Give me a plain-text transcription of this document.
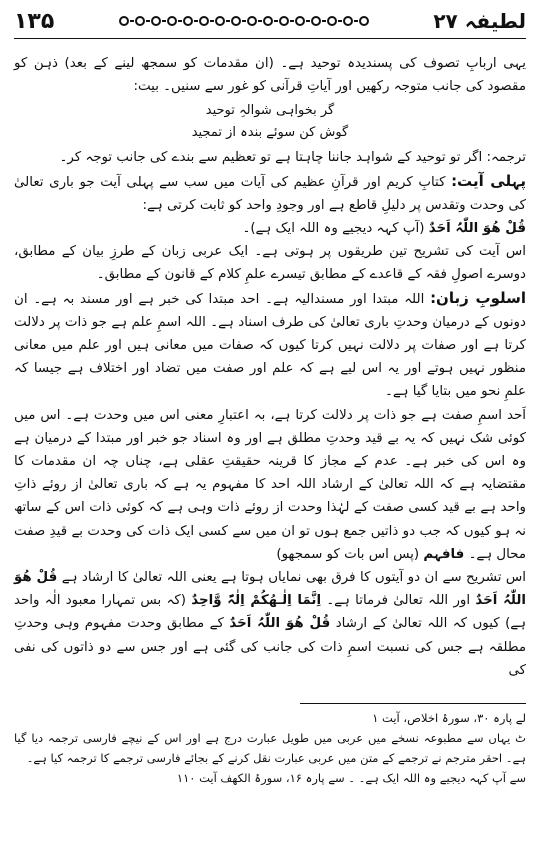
۱۳۵	لطیفہ ۲۷

یہی اربابِ تصوف کی پسندیدہ توحید ہے۔ (ان مقدمات کو سمجھ لینے کے بعد) ذہن کو مقصود کی جانب متوجہ رکھیں اور آیاتِ قرآنی کو غور سے سنیں۔ بیت:

گر بخواہی شوالہِ توحید
گوش کن سوئے بندہ از تمجید

ترجمہ: اگر تو توحید کے شواہد جاننا چاہتا ہے تو تعظیم سے بندے کی جانب توجہ کر۔

پہلی آیت: کتابِ کریم اور قرآنِ عظیم کی آیات میں سب سے پہلی آیت جو باری تعالیٰ کی وحدت وتقدس پر دلیلِ قاطع ہے اور وجودِ واحد کو ثابت کرتی ہے:

قُلْ ھُوَ اللّٰہُ اَحَدٌ (آپ کہہ دیجیے وہ اللہ ایک ہے)۔

اس آیت کی تشریح تین طریقوں پر ہوتی ہے۔ ایک عربی زبان کے طرزِ بیان کے مطابق، دوسرے اصولِ فقہ کے قاعدے کے مطابق تیسرے علمِ کلام کے قانون کے مطابق۔

اسلوبِ زبان: اللہ مبتدا اور مسندالیہ ہے۔ احد مبتدا کی خبر ہے اور مسند بہ ہے۔ ان دونوں کے درمیان وحدتِ باری تعالیٰ کی طرف اسناد ہے۔ اللہ اسمِ علم ہے جو ذات پر دلالت کرتا ہے اور صفات پر دلالت نہیں کرتا کیوں کہ صفات میں معانی ہیں اور علم میں معانی منظور نہیں ہوتے اور یہ اس لیے ہے کہ علم اور صفت میں تضاد اور اختلاف ہے جیسا کہ علمِ نحو میں بتایا گیا ہے۔

اَحد اسمِ صفت ہے جو ذات پر دلالت کرتا ہے، بہ اعتبارِ معنی اس میں وحدت ہے۔ اس میں کوئی شک نہیں کہ یہ بے قید وحدتِ مطلق ہے اور وہ اسناد جو خبر اور مبتدا کے درمیان ہے وہ اس کی خبر ہے۔ عدم کے مجاز کا قرینہ حقیقتِ عقلی ہے، چناں چہ ان مقدمات کا مقتضایہ ہے کہ اللہ تعالیٰ کے ارشاد اللہ احد کا مفہوم یہ ہے کہ باری تعالیٰ از روئے ذاتِ واحد ہے بے قید کسی صفت کے لہٰذا وحدت از روئے ذات وہی ہے کہ کوئی ذات اس کے ساتھ نہ ہو کیوں کہ جب دو ذاتیں جمع ہوں تو ان میں سے کسی ایک ذات کی وحدت بے قیدِ صفت محال ہے۔ فافہم (پس اس بات کو سمجھو)

اس تشریح سے ان دو آیتوں کا فرق بھی نمایاں ہوتا ہے یعنی اللہ تعالیٰ کا ارشاد ہے قُلْ ھُوَ اللّٰہُ اَحَدٌ اور اللہ تعالیٰ فرماتا ہے۔ اِنَّمَا اِلٰـھُکُمْ اِلٰہٌ وَّاحِدٌ (کہ بس تمہارا معبود الٰہ واحد ہے) کیوں کہ اللہ تعالیٰ کے ارشاد قُلْ ھُوَ اللّٰہُ اَحَدٌ کے مطابق وحدت مفہوم وہی وحدتِ مطلقہ ہے جس کی نسبت اسمِ ذات کی جانب کی گئی ہے اور جس سے دو ذاتوں کی نفی کی

لے پارہ ۳۰، سورۂ اخلاص، آیت ۱

ٹ یہاں سے مطبوعہ نسخے میں عربی میں طویل عبارت درج ہے اور اس کے نیچے فارسی ترجمہ دیا گیا ہے۔ احقر مترجم نے ترجمے کے متن میں عربی عبارت نقل کرنے کے بجائے فارسی ترجمے کا ترجمہ کیا ہے۔

سے آپ کہہ دیجیے وہ اللہ ایک ہے۔ ۔ سے پارہ ۱۶، سورۂ الکھف آیت ۱۱۰
